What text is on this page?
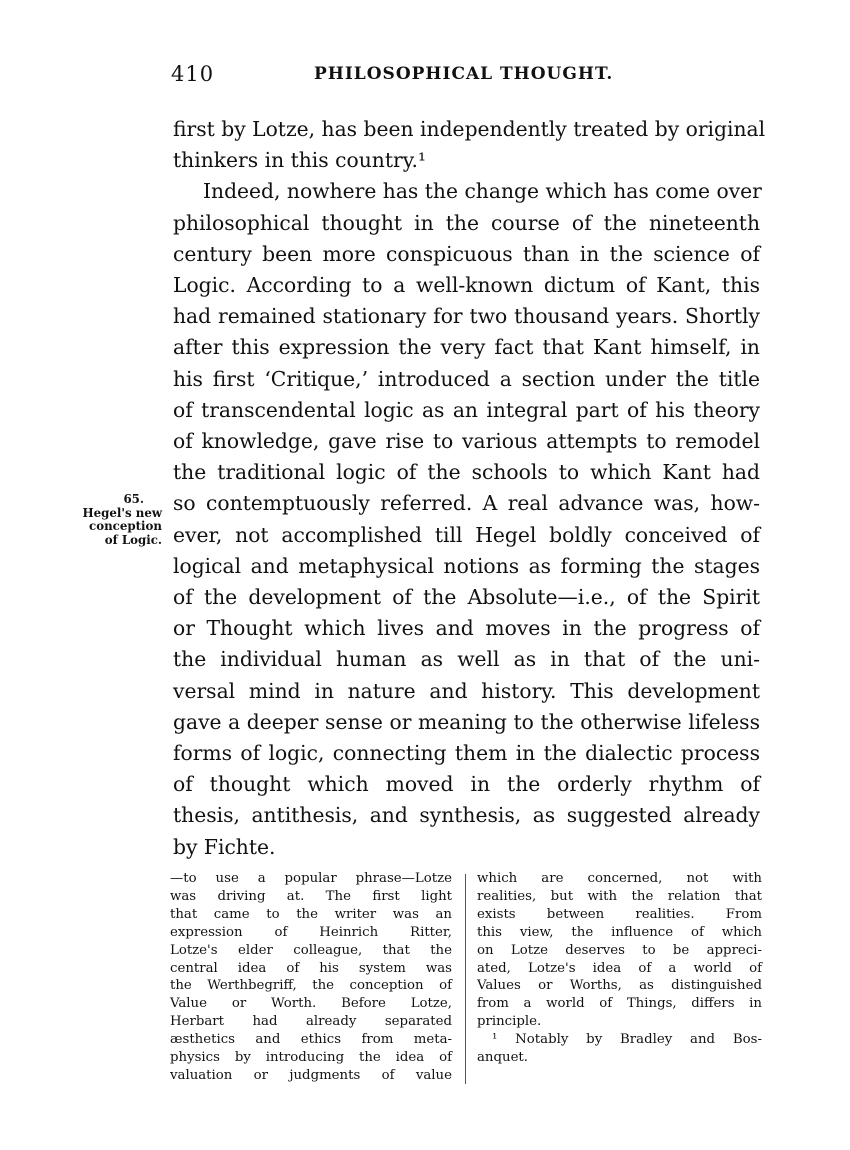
410	PHILOSOPHICAL THOUGHT.
65.
Hegel's new
conception
of Logic.
first by Lotze, has been independently treated by original
thinkers in this country.¹
Indeed, nowhere has the change which has come over
philosophical thought in the course of the nineteenth
century been more conspicuous than in the science of
Logic. According to a well-known dictum of Kant, this
had remained stationary for two thousand years. Shortly
after this expression the very fact that Kant himself, in
his first ‘Critique,’ introduced a section under the title
of transcendental logic as an integral part of his theory
of knowledge, gave rise to various attempts to remodel
the traditional logic of the schools to which Kant had
so contemptuously referred. A real advance was, how-
ever, not accomplished till Hegel boldly conceived of
logical and metaphysical notions as forming the stages
of the development of the Absolute—i.e., of the Spirit
or Thought which lives and moves in the progress of
the individual human as well as in that of the uni-
versal mind in nature and history. This development
gave a deeper sense or meaning to the otherwise lifeless
forms of logic, connecting them in the dialectic process
of thought which moved in the orderly rhythm of
thesis, antithesis, and synthesis, as suggested already
by Fichte.
—to use a popular phrase—Lotze
was driving at. The first light
that came to the writer was an
expression of Heinrich Ritter,
Lotze's elder colleague, that the
central idea of his system was
the Werthbegriff, the conception of
Value or Worth. Before Lotze,
Herbart had already separated
æsthetics and ethics from meta-
physics by introducing the idea of
valuation or judgments of value
which are concerned, not with
realities, but with the relation that
exists between realities. From
this view, the influence of which
on Lotze deserves to be appreci-
ated, Lotze's idea of a world of
Values or Worths, as distinguished
from a world of Things, differs in
principle.
¹ Notably by Bradley and Bos-
anquet.
